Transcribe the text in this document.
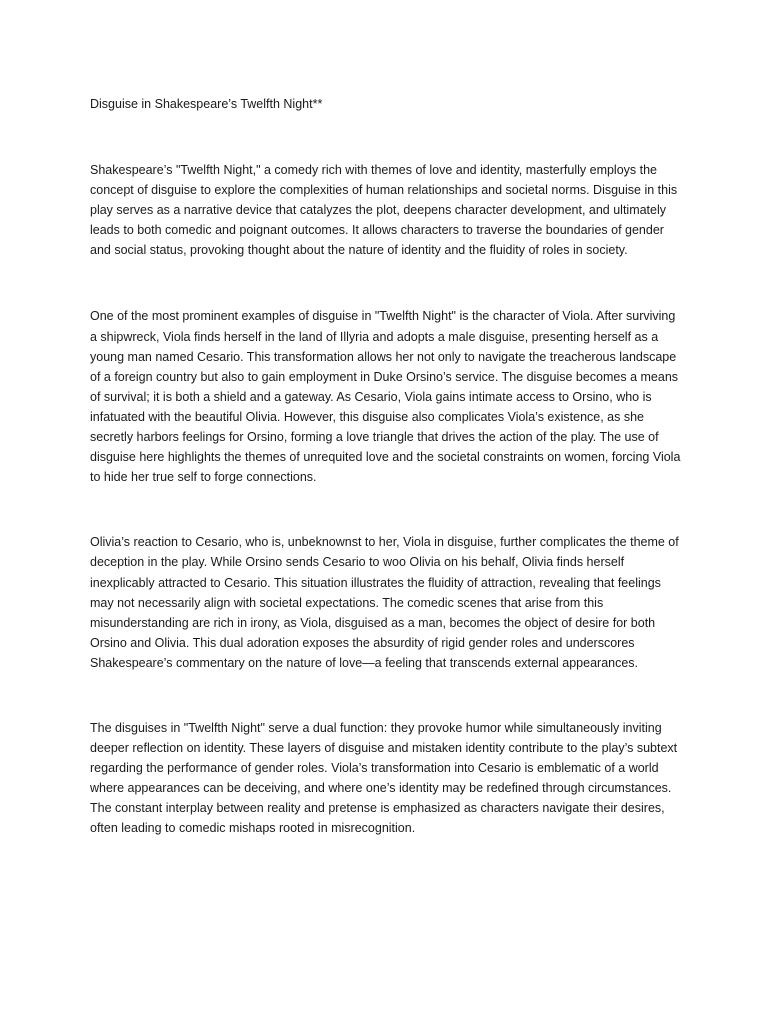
Disguise in Shakespeare’s Twelfth Night**

Shakespeare’s "Twelfth Night," a comedy rich with themes of love and identity, masterfully employs the concept of disguise to explore the complexities of human relationships and societal norms. Disguise in this play serves as a narrative device that catalyzes the plot, deepens character development, and ultimately leads to both comedic and poignant outcomes. It allows characters to traverse the boundaries of gender and social status, provoking thought about the nature of identity and the fluidity of roles in society.

One of the most prominent examples of disguise in "Twelfth Night" is the character of Viola. After surviving a shipwreck, Viola finds herself in the land of Illyria and adopts a male disguise, presenting herself as a young man named Cesario. This transformation allows her not only to navigate the treacherous landscape of a foreign country but also to gain employment in Duke Orsino’s service. The disguise becomes a means of survival; it is both a shield and a gateway. As Cesario, Viola gains intimate access to Orsino, who is infatuated with the beautiful Olivia. However, this disguise also complicates Viola’s existence, as she secretly harbors feelings for Orsino, forming a love triangle that drives the action of the play. The use of disguise here highlights the themes of unrequited love and the societal constraints on women, forcing Viola to hide her true self to forge connections.

Olivia’s reaction to Cesario, who is, unbeknownst to her, Viola in disguise, further complicates the theme of deception in the play. While Orsino sends Cesario to woo Olivia on his behalf, Olivia finds herself inexplicably attracted to Cesario. This situation illustrates the fluidity of attraction, revealing that feelings may not necessarily align with societal expectations. The comedic scenes that arise from this misunderstanding are rich in irony, as Viola, disguised as a man, becomes the object of desire for both Orsino and Olivia. This dual adoration exposes the absurdity of rigid gender roles and underscores Shakespeare’s commentary on the nature of love—a feeling that transcends external appearances.

The disguises in "Twelfth Night" serve a dual function: they provoke humor while simultaneously inviting deeper reflection on identity. These layers of disguise and mistaken identity contribute to the play’s subtext regarding the performance of gender roles. Viola’s transformation into Cesario is emblematic of a world where appearances can be deceiving, and where one’s identity may be redefined through circumstances. The constant interplay between reality and pretense is emphasized as characters navigate their desires, often leading to comedic mishaps rooted in misrecognition.
